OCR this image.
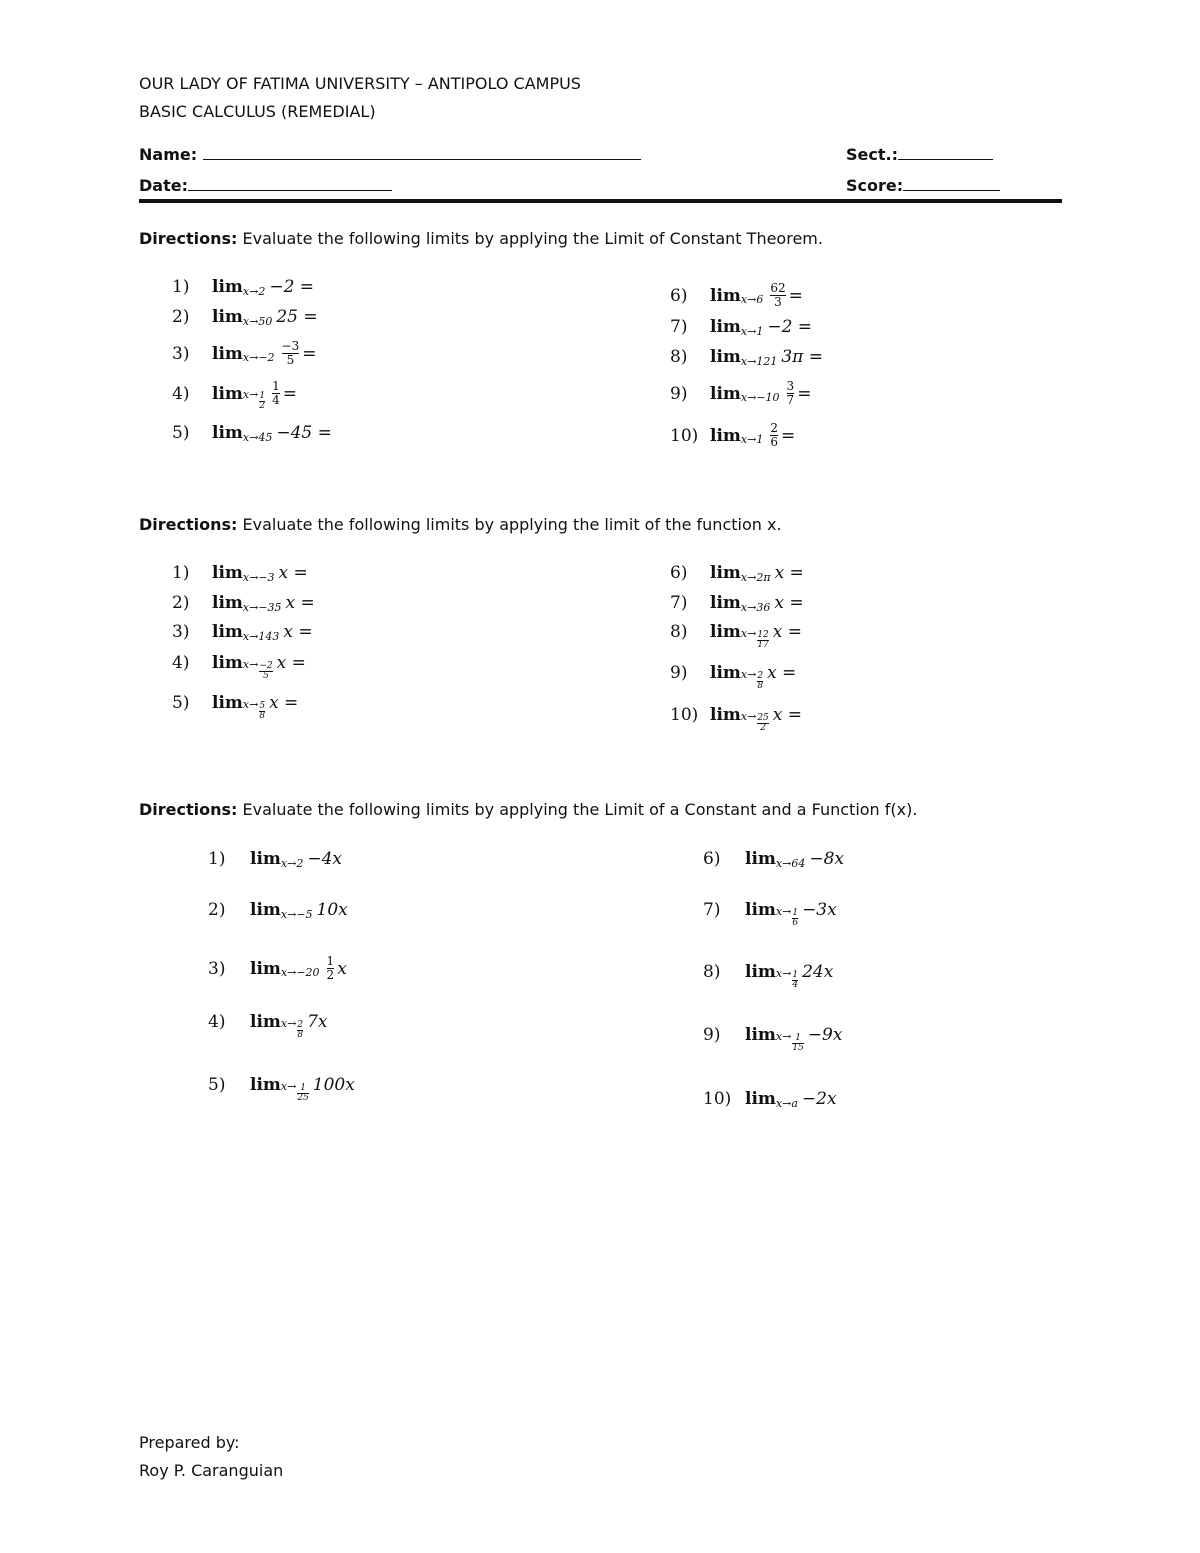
OUR LADY OF FATIMA UNIVERSITY – ANTIPOLO CAMPUS
BASIC CALCULUS (REMEDIAL)
Name:	Sect.:
Date:	Score:
Directions: Evaluate the following limits by applying the Limit of Constant Theorem.
Directions: Evaluate the following limits by applying the limit of the function x.
Directions: Evaluate the following limits by applying the Limit of a Constant and a Function f(x).
1)	lim x→2 −2 =
2)	lim x→50 25 =
3)	$\lim x\to-2 \frac{-3}{5}$ =
4)	lim x→ 1
$2 \frac{1}{4}$ =
5)	lim x→45 −45 =
6)	$\lim x\to 6 \frac{62}{3}$ =
7)	lim x→1 −2 =
8)	lim x→121 3π =
9)	$\lim x\to-10 \frac{3}{7}$ =
10) $\lim x\to 1 \frac{2}{6}$ =
1)	lim x→−3 x =
2)	lim x→−35 x =
3)	lim x→143 x =
4)	lim x→ −2
5
x =
5)	lim x→ 5
8
x =
6)	lim x→2π x =
7)	lim x→36 x =
8)	lim x→ 12
17
x =
9)	lim x→ 2
8
x =
10) lim x→ 25
2
x =
1)	lim x→2 −4x
2)	lim x→−5 10x
3)	$\lim x\to-20 \frac{1}{2}$ x
4)	lim x→ 2
8
7x
5)	lim x→ 1
25
100x
6)	lim x→64 −8x
7)	lim x→ 1
6
−3x
8)	lim x→ 1
4
24x
9)	lim x→ 1
15
−9x
10) lim x→a −2x
Prepared by:
Roy P. Caranguian
